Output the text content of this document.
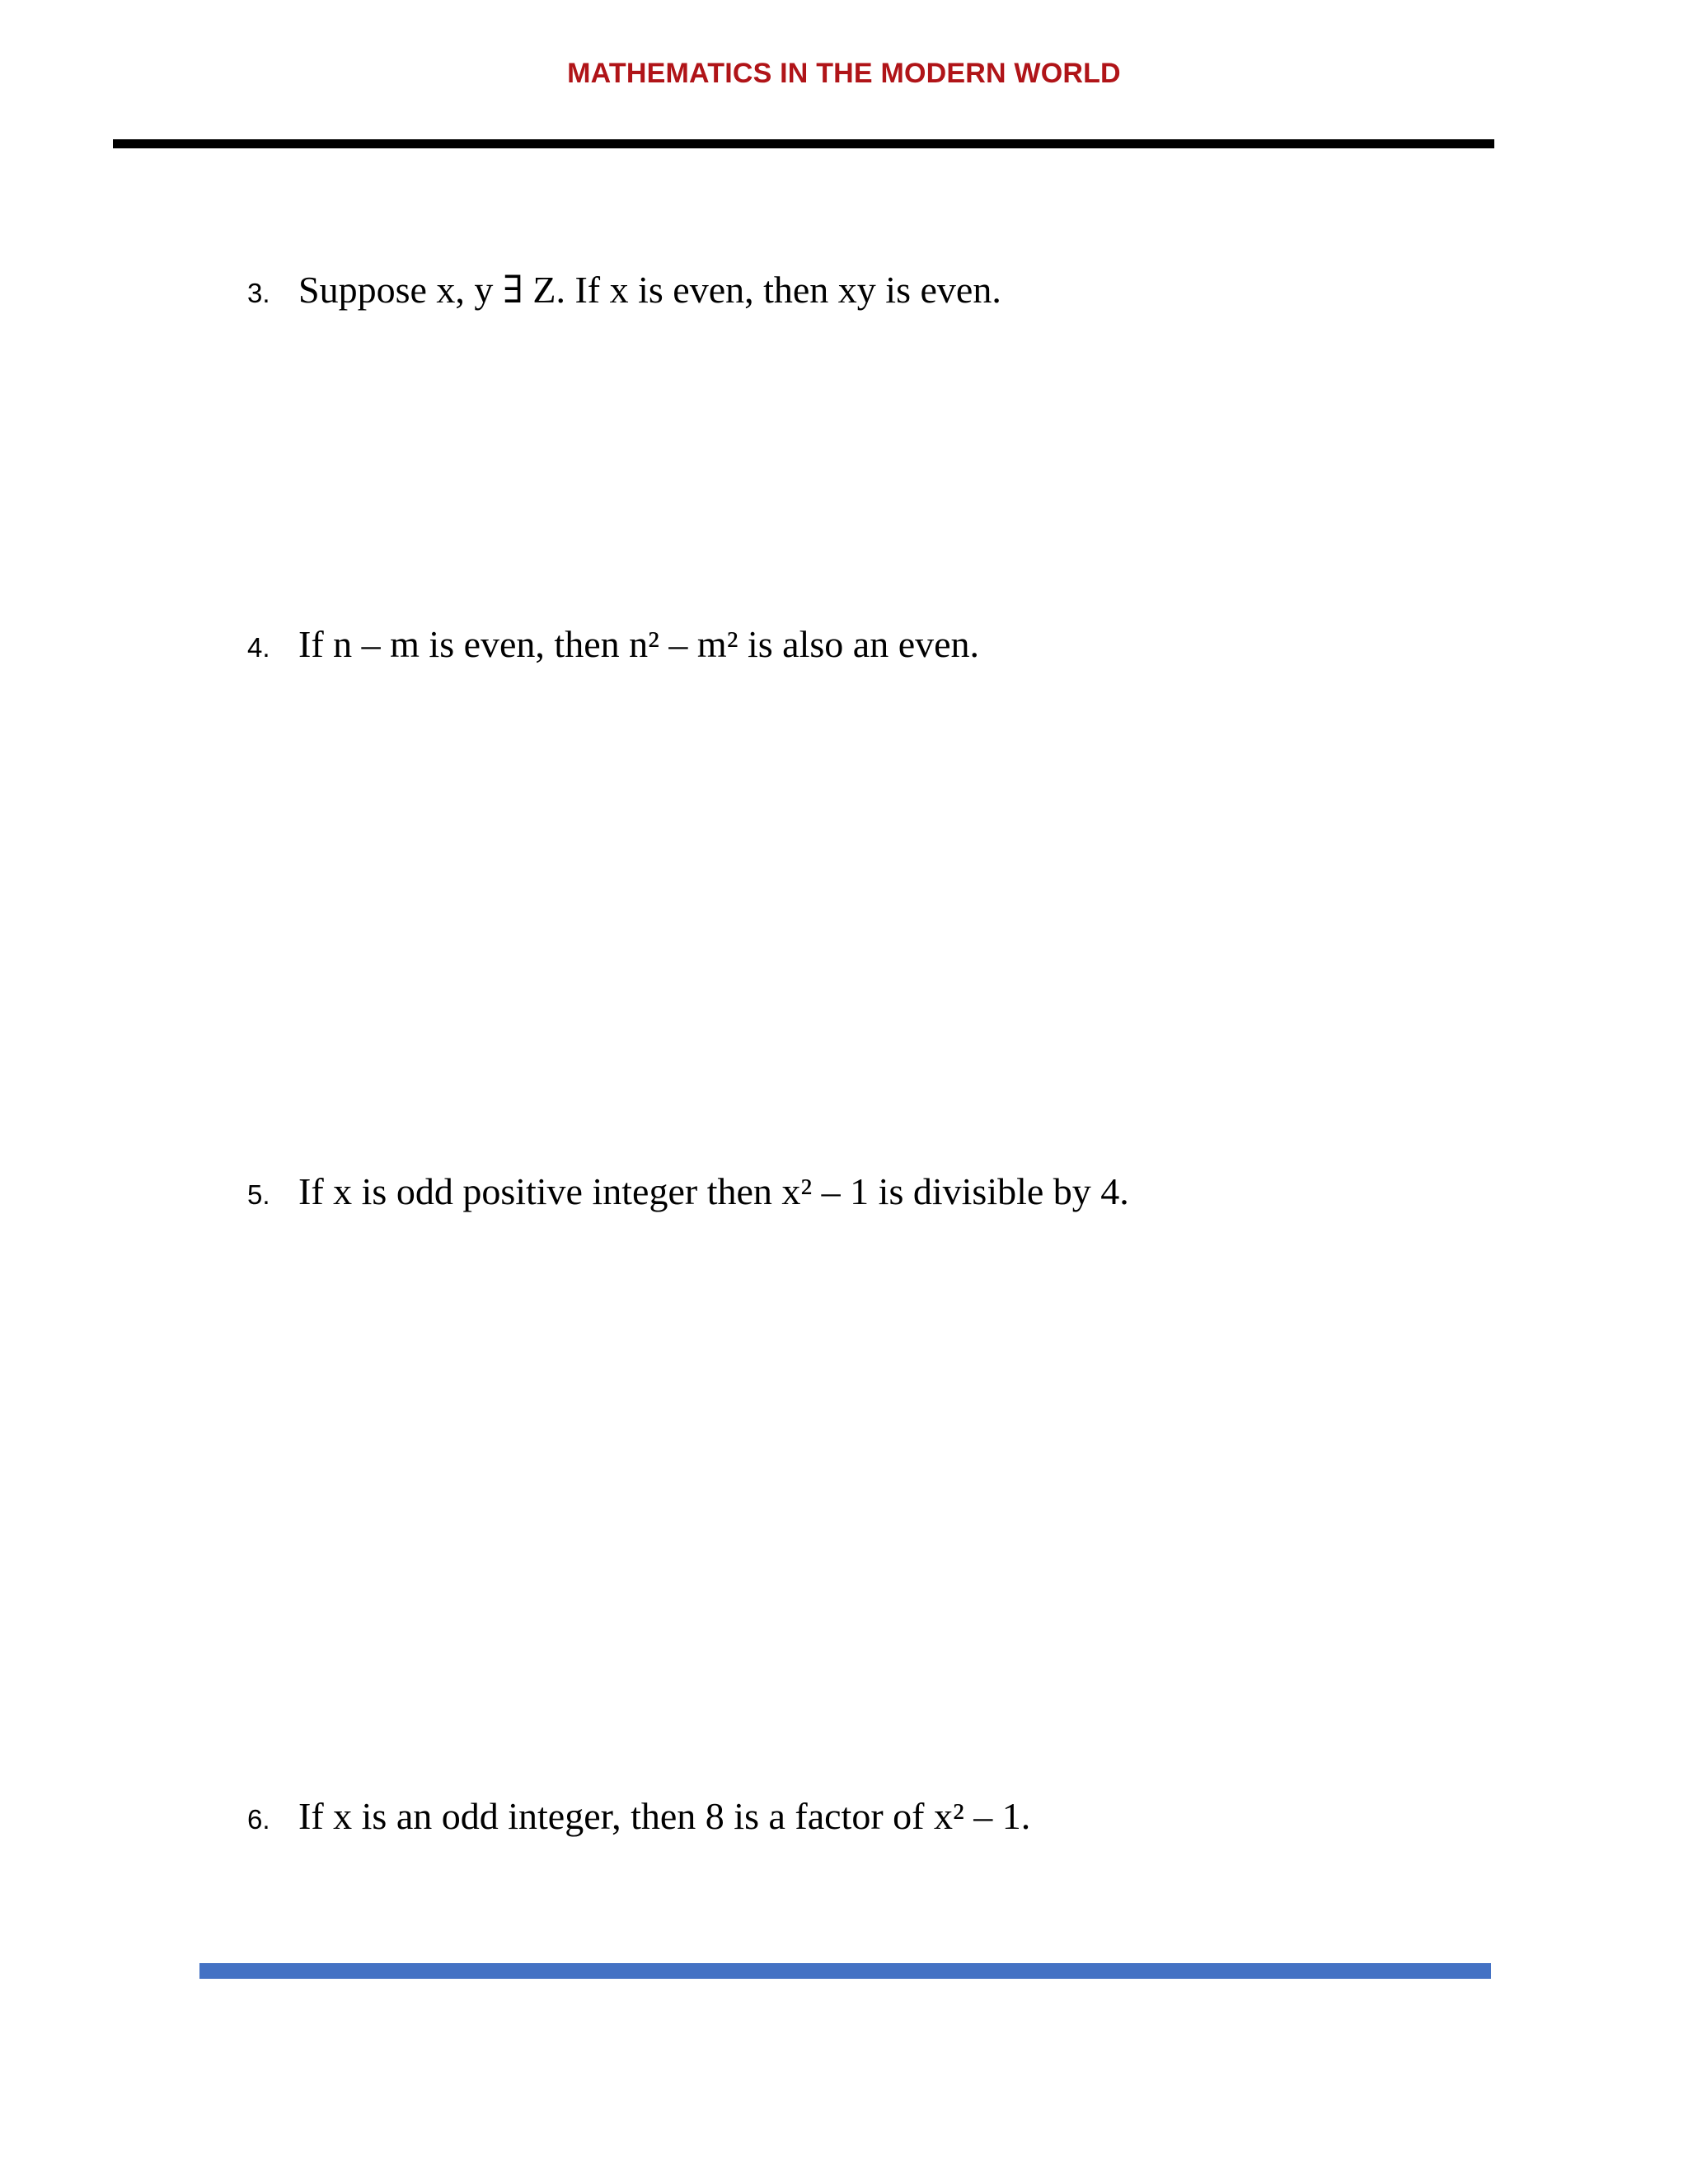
MATHEMATICS IN THE MODERN WORLD
3. Suppose x, y ∃ Z. If x is even, then xy is even.
4. If n – m is even, then n² – m² is also an even.
5. If x is odd positive integer then x² – 1 is divisible by 4.
6. If x is an odd integer, then 8 is a factor of x² – 1.
